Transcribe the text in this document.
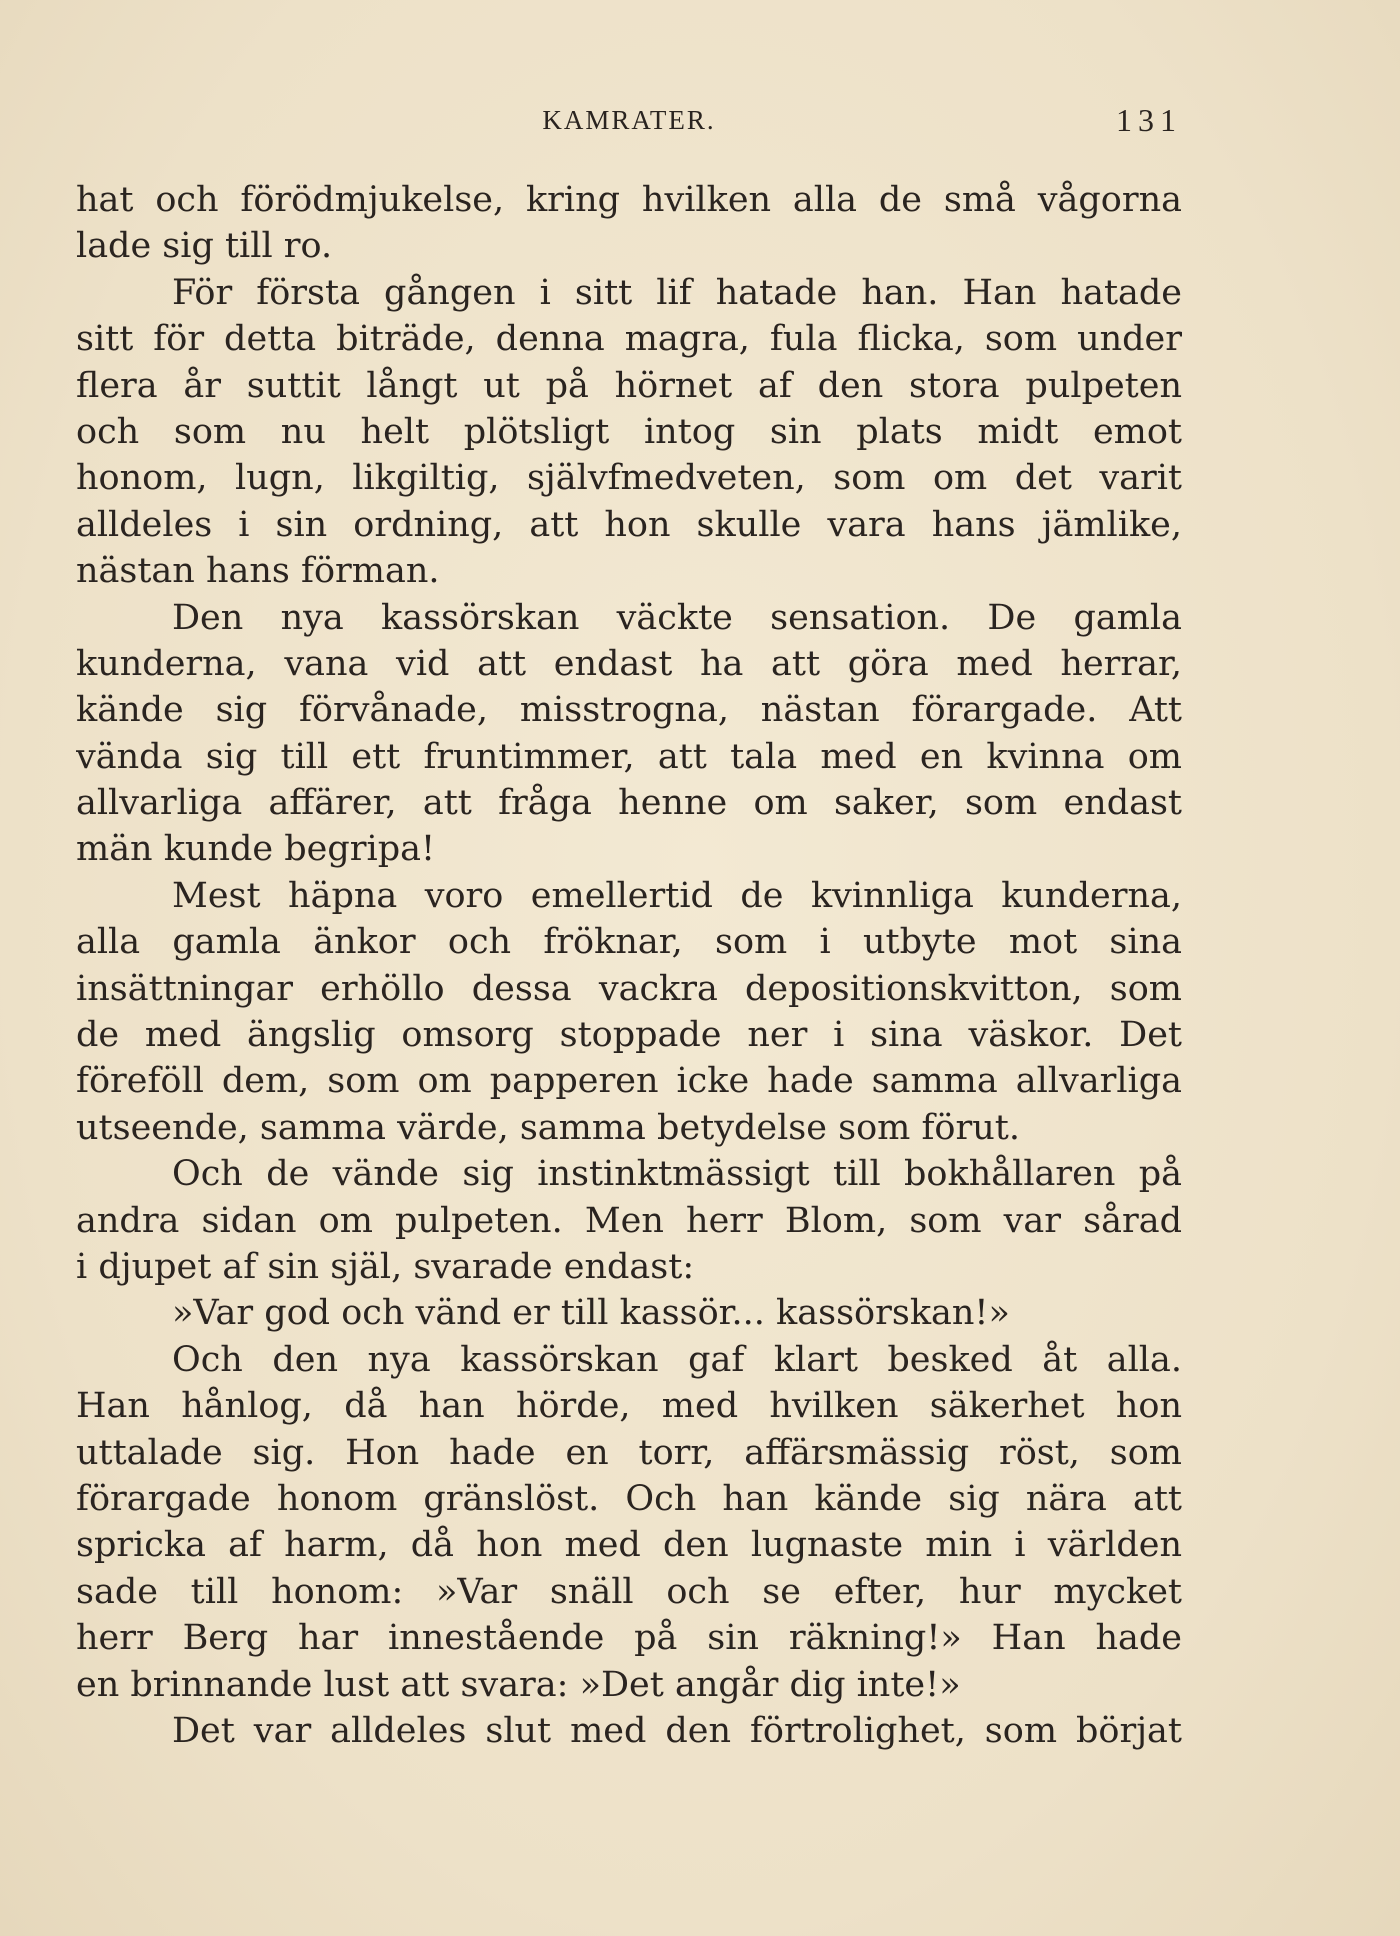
KAMRATER.	131
hat och förödmjukelse, kring hvilken alla de små vågorna
lade sig till ro.
För första gången i sitt lif hatade han. Han hatade
sitt för detta biträde, denna magra, fula flicka, som under
flera år suttit långt ut på hörnet af den stora pulpeten
och som nu helt plötsligt intog sin plats midt emot
honom, lugn, likgiltig, självfmedveten, som om det varit
alldeles i sin ordning, att hon skulle vara hans jämlike,
nästan hans förman.
Den nya kassörskan väckte sensation. De gamla
kunderna, vana vid att endast ha att göra med herrar,
kände sig förvånade, misstrogna, nästan förargade. Att
vända sig till ett fruntimmer, att tala med en kvinna om
allvarliga affärer, att fråga henne om saker, som endast
män kunde begripa!
Mest häpna voro emellertid de kvinnliga kunderna,
alla gamla änkor och fröknar, som i utbyte mot sina
insättningar erhöllo dessa vackra depositionskvitton, som
de med ängslig omsorg stoppade ner i sina väskor. Det
föreföll dem, som om papperen icke hade samma allvarliga
utseende, samma värde, samma betydelse som förut.
Och de vände sig instinktmässigt till bokhållaren på
andra sidan om pulpeten. Men herr Blom, som var sårad
i djupet af sin själ, svarade endast:
»Var god och vänd er till kassör... kassörskan!»
Och den nya kassörskan gaf klart besked åt alla.
Han hånlog, då han hörde, med hvilken säkerhet hon
uttalade sig. Hon hade en torr, affärsmässig röst, som
förargade honom gränslöst. Och han kände sig nära att
spricka af harm, då hon med den lugnaste min i världen
sade till honom: »Var snäll och se efter, hur mycket
herr Berg har innestående på sin räkning!» Han hade
en brinnande lust att svara: »Det angår dig inte!»
Det var alldeles slut med den förtrolighet, som börjat
